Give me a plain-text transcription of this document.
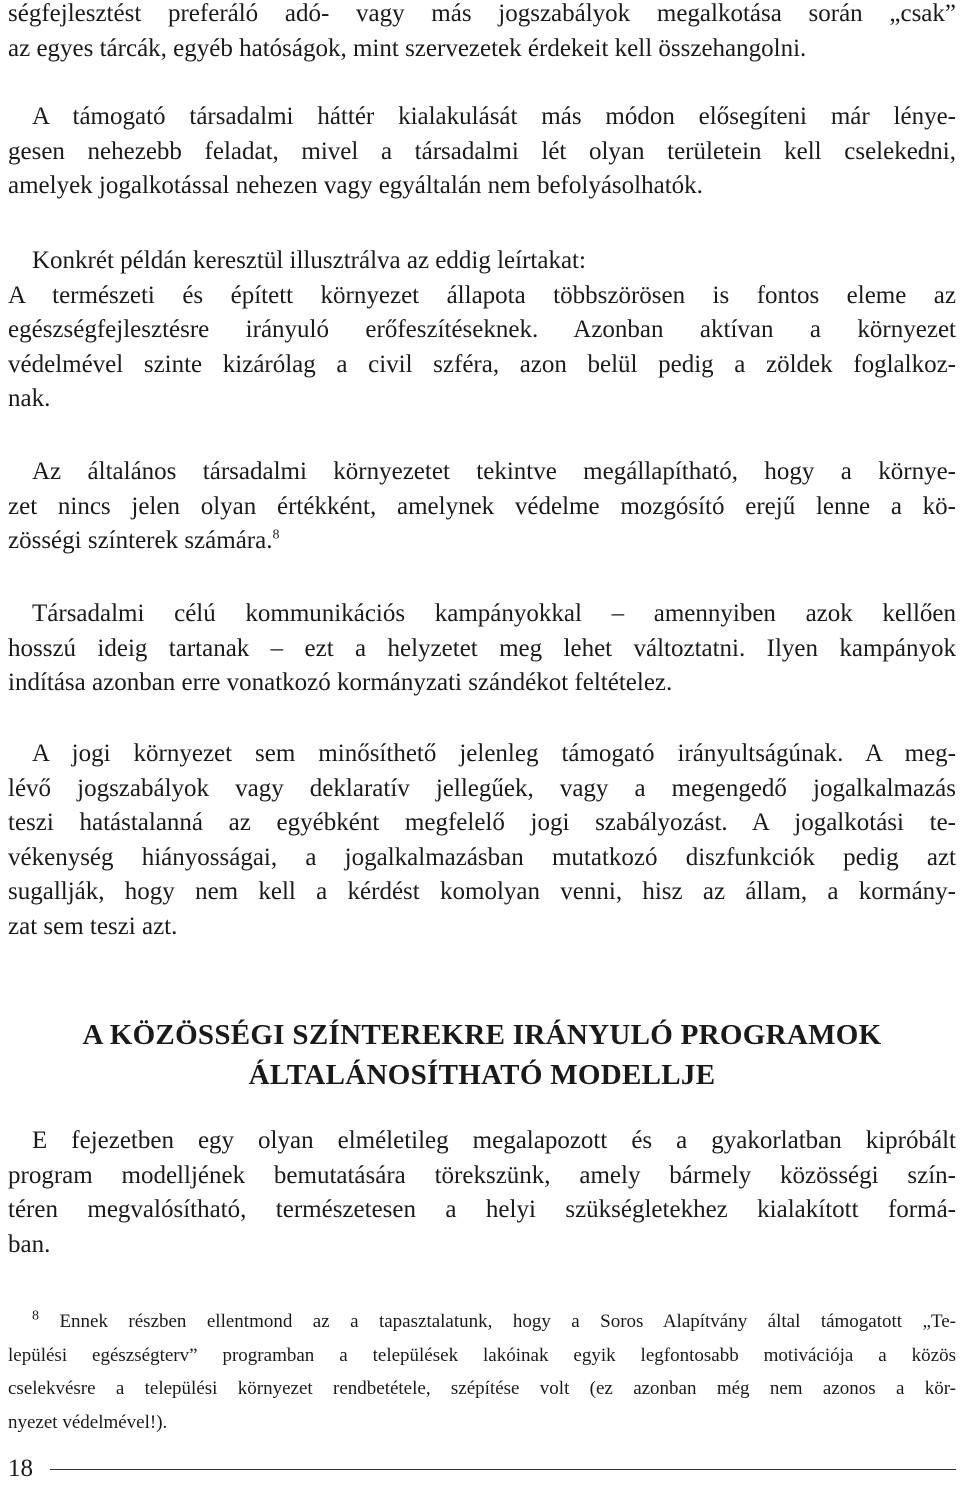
ségfejlesztést preferáló adó- vagy más jogszabályok megalkotása során „csak”
az egyes tárcák, egyéb hatóságok, mint szervezetek érdekeit kell összehangolni.
A támogató társadalmi háttér kialakulását más módon elősegíteni már lénye-
gesen nehezebb feladat, mivel a társadalmi lét olyan területein kell cselekedni,
amelyek jogalkotással nehezen vagy egyáltalán nem befolyásolhatók.
Konkrét példán keresztül illusztrálva az eddig leírtakat:
A természeti és épített környezet állapota többszörösen is fontos eleme az
egészségfejlesztésre irányuló erőfeszítéseknek. Azonban aktívan a környezet
védelmével szinte kizárólag a civil szféra, azon belül pedig a zöldek foglalkoz-
nak.
Az általános társadalmi környezetet tekintve megállapítható, hogy a környe-
zet nincs jelen olyan értékként, amelynek védelme mozgósító erejű lenne a kö-
zösségi színterek számára.$^8$
Társadalmi célú kommunikációs kampányokkal – amennyiben azok kellően
hosszú ideig tartanak – ezt a helyzetet meg lehet változtatni. Ilyen kampányok
indítása azonban erre vonatkozó kormányzati szándékot feltételez.
A jogi környezet sem minősíthető jelenleg támogató irányultságúnak. A meg-
lévő jogszabályok vagy deklaratív jellegűek, vagy a megengedő jogalkalmazás
teszi hatástalanná az egyébként megfelelő jogi szabályozást. A jogalkotási te-
vékenység hiányosságai, a jogalkalmazásban mutatkozó diszfunkciók pedig azt
sugallják, hogy nem kell a kérdést komolyan venni, hisz az állam, a kormány-
zat sem teszi azt.
A KÖZÖSSÉGI SZÍNTEREKRE IRÁNYULÓ PROGRAMOK
ÁLTALÁNOSÍTHATÓ MODELLJE
E fejezetben egy olyan elméletileg megalapozott és a gyakorlatban kipróbált
program modelljének bemutatására törekszünk, amely bármely közösségi szín-
téren megvalósítható, természetesen a helyi szükségletekhez kialakított formá-
ban.
$^8$ Ennek részben ellentmond az a tapasztalatunk, hogy a Soros Alapítvány által támogatott „Te-
lepülési egészségterv” programban a települések lakóinak egyik legfontosabb motivációja a közös
cselekvésre a települési környezet rendbetétele, szépítése volt (ez azonban még nem azonos a kör-
nyezet védelmével!).
18
